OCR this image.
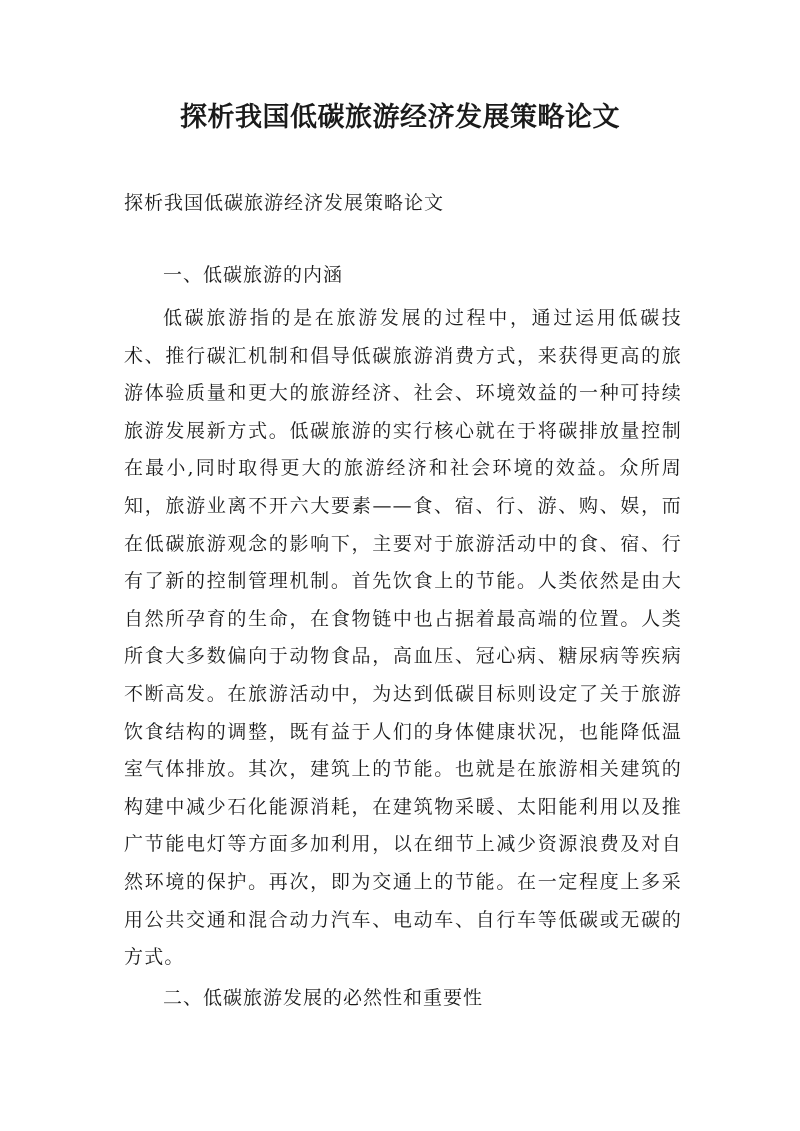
探析我国低碳旅游经济发展策略论文
探析我国低碳旅游经济发展策略论文
一、低碳旅游的内涵
低碳旅游指的是在旅游发展的过程中，通过运用低碳技术、推行碳汇机制和倡导低碳旅游消费方式，来获得更高的旅游体验质量和更大的旅游经济、社会、环境效益的一种可持续旅游发展新方式。低碳旅游的实行核心就在于将碳排放量控制在最小,同时取得更大的旅游经济和社会环境的效益。众所周知，旅游业离不开六大要素——食、宿、行、游、购、娱，而在低碳旅游观念的影响下，主要对于旅游活动中的食、宿、行有了新的控制管理机制。首先饮食上的节能。人类依然是由大自然所孕育的生命，在食物链中也占据着最高端的位置。人类所食大多数偏向于动物食品，高血压、冠心病、糖尿病等疾病不断高发。在旅游活动中，为达到低碳目标则设定了关于旅游饮食结构的调整，既有益于人们的身体健康状况，也能降低温室气体排放。其次，建筑上的节能。也就是在旅游相关建筑的构建中减少石化能源消耗，在建筑物采暖、太阳能利用以及推广节能电灯等方面多加利用，以在细节上减少资源浪费及对自然环境的保护。再次，即为交通上的节能。在一定程度上多采用公共交通和混合动力汽车、电动车、自行车等低碳或无碳的方式。
二、低碳旅游发展的必然性和重要性
